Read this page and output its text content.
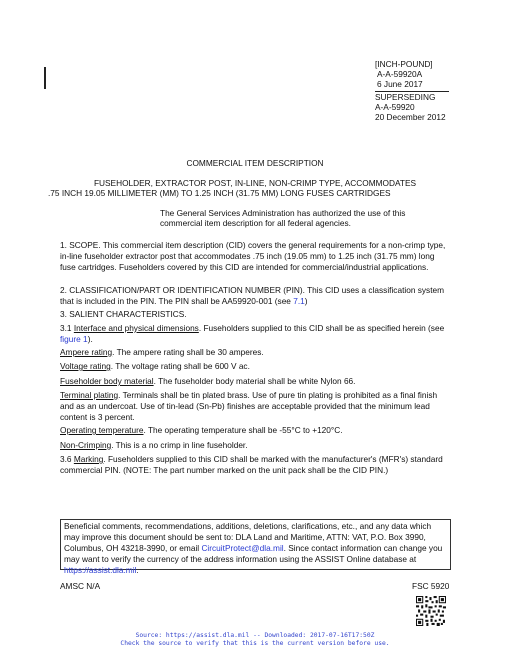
[INCH-POUND]
A-A-59920A
6 June 2017
SUPERSEDING
A-A-59920
20 December 2012
COMMERCIAL ITEM DESCRIPTION
FUSEHOLDER, EXTRACTOR POST, IN-LINE, NON-CRIMP TYPE, ACCOMMODATES
.75 INCH 19.05 MILLIMETER (MM) TO 1.25 INCH (31.75 MM) LONG FUSES CARTRIDGES
The General Services Administration has authorized the use of this
commercial item description for all federal agencies.

1. SCOPE. This commercial item description (CID) covers the general requirements for a non-crimp type, in-line fuseholder extractor post that accommodates .75 inch (19.05 mm) to 1.25 inch (31.75 mm) long fuse cartridges. Fuseholders covered by this CID are intended for commercial/industrial applications.

2. CLASSIFICATION/PART OR IDENTIFICATION NUMBER (PIN). This CID uses a classification system that is included in the PIN. The PIN shall be AA59920-001 (see 7.1)

3. SALIENT CHARACTERISTICS.

3.1 Interface and physical dimensions. Fuseholders supplied to this CID shall be as specified herein (see figure 1).

Ampere rating. The ampere rating shall be 30 amperes.

Voltage rating. The voltage rating shall be 600 V ac.

Fuseholder body material. The fuseholder body material shall be white Nylon 66.

Terminal plating. Terminals shall be tin plated brass. Use of pure tin plating is prohibited as a final finish and as an undercoat. Use of tin-lead (Sn-Pb) finishes are acceptable provided that the minimum lead content is 3 percent.

Operating temperature. The operating temperature shall be -55°C to +120°C.

Non-Crimping. This is a no crimp in line fuseholder.

3.6 Marking. Fuseholders supplied to this CID shall be marked with the manufacturer's (MFR's) standard commercial PIN. (NOTE: The part number marked on the unit pack shall be the CID PIN.)

Beneficial comments, recommendations, additions, deletions, clarifications, etc., and any data which may improve this document should be sent to: DLA Land and Maritime, ATTN: VAT, P.O. Box 3990, Columbus, OH 43218-3990, or email CircuitProtect@dla.mil. Since contact information can change you may want to verify the currency of the address information using the ASSIST Online database at https://assist.dla.mil.
AMSC N/A	FSC 5920
Source: https://assist.dla.mil -- Downloaded: 2017-07-16T17:50Z
Check the source to verify that this is the current version before use.
